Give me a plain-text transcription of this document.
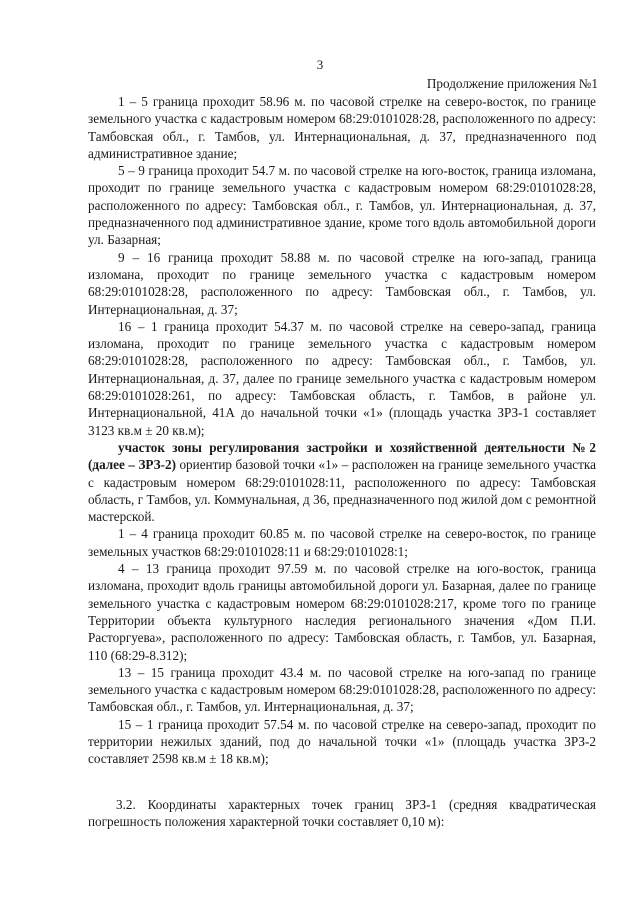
3
Продолжение приложения №1

1 – 5 граница проходит 58.96 м. по часовой стрелке на северо-восток, по границе земельного участка с кадастровым номером 68:29:0101028:28, расположенного по адресу: Тамбовская обл., г. Тамбов, ул. Интернациональная, д. 37, предназначенного под административное здание;

5 – 9 граница проходит 54.7 м. по часовой стрелке на юго-восток, граница изломана, проходит по границе земельного участка с кадастровым номером 68:29:0101028:28, расположенного по адресу: Тамбовская обл., г. Тамбов, ул. Интернациональная, д. 37, предназначенного под административное здание, кроме того вдоль автомобильной дороги ул. Базарная;

9 – 16 граница проходит 58.88 м. по часовой стрелке на юго-запад, граница изломана, проходит по границе земельного участка с кадастровым номером 68:29:0101028:28, расположенного по адресу: Тамбовская обл., г. Тамбов, ул. Интернациональная, д. 37;

16 – 1 граница проходит 54.37 м. по часовой стрелке на северо-запад, граница изломана, проходит по границе земельного участка с кадастровым номером 68:29:0101028:28, расположенного по адресу: Тамбовская обл., г. Тамбов, ул. Интернациональная, д. 37, далее по границе земельного участка с кадастровым номером 68:29:0101028:261, по адресу: Тамбовская область, г. Тамбов, в районе ул. Интернациональной, 41А до начальной точки «1» (площадь участка ЗРЗ-1 составляет 3123 кв.м ± 20 кв.м);

участок зоны регулирования застройки и хозяйственной деятельности №2 (далее – ЗРЗ-2) ориентир базовой точки «1» – расположен на границе земельного участка с кадастровым номером 68:29:0101028:11, расположенного по адресу: Тамбовская область, г Тамбов, ул. Коммунальная, д 36, предназначенного под жилой дом с ремонтной мастерской.

1 – 4 граница проходит 60.85 м. по часовой стрелке на северо-восток, по границе земельных участков 68:29:0101028:11 и 68:29:0101028:1;

4 – 13 граница проходит 97.59 м. по часовой стрелке на юго-восток, граница изломана, проходит вдоль границы автомобильной дороги ул. Базарная, далее по границе земельного участка с кадастровым номером 68:29:0101028:217, кроме того по границе Территории объекта культурного наследия регионального значения «Дом П.И. Расторгуева», расположенного по адресу: Тамбовская область, г. Тамбов, ул. Базарная, 110 (68:29-8.312);

13 – 15 граница проходит 43.4 м. по часовой стрелке на юго-запад по границе земельного участка с кадастровым номером 68:29:0101028:28, расположенного по адресу: Тамбовская обл., г. Тамбов, ул. Интернациональная, д. 37;

15 – 1 граница проходит 57.54 м. по часовой стрелке на северо-запад, проходит по территории нежилых зданий, под до начальной точки «1» (площадь участка ЗРЗ-2 составляет 2598 кв.м ± 18 кв.м);

3.2. Координаты характерных точек границ ЗРЗ-1 (средняя квадратическая погрешность положения характерной точки составляет 0,10 м):
